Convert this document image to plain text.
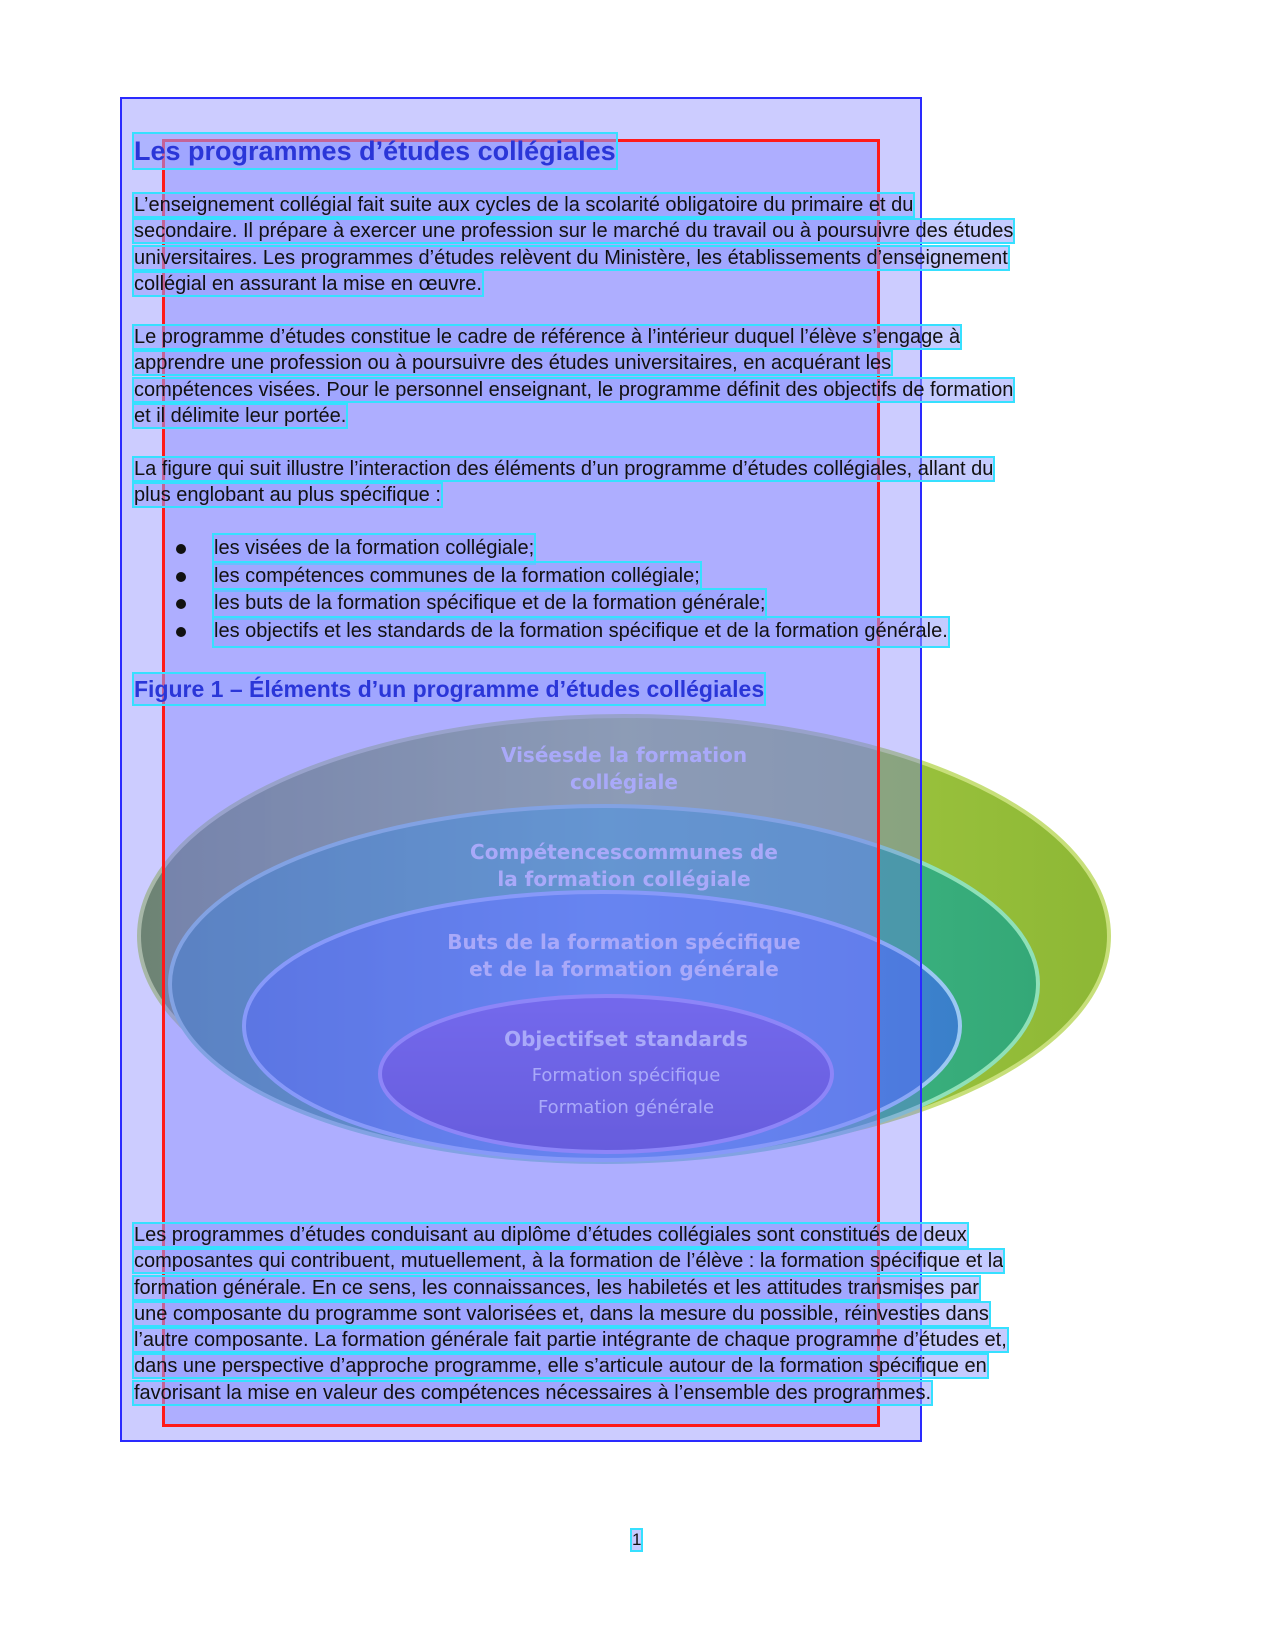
Les programmes d’études collégiales
L’enseignement collégial fait suite aux cycles de la scolarité obligatoire du primaire et du
secondaire. Il prépare à exercer une profession sur le marché du travail ou à poursuivre des études
universitaires. Les programmes d’études relèvent du Ministère, les établissements d’enseignement
collégial en assurant la mise en œuvre.
Le programme d’études constitue le cadre de référence à l’intérieur duquel l’élève s’engage à
apprendre une profession ou à poursuivre des études universitaires, en acquérant les
compétences visées. Pour le personnel enseignant, le programme définit des objectifs de formation
et il délimite leur portée.
La figure qui suit illustre l’interaction des éléments d’un programme d’études collégiales, allant du
plus englobant au plus spécifique :
les visées de la formation collégiale;
les compétences communes de la formation collégiale;
les buts de la formation spécifique et de la formation générale;
les objectifs et les standards de la formation spécifique et de la formation générale.
Figure 1 – Éléments d’un programme d’études collégiales
Les programmes d’études conduisant au diplôme d’études collégiales sont constitués de deux
composantes qui contribuent, mutuellement, à la formation de l’élève : la formation spécifique et la
formation générale. En ce sens, les connaissances, les habiletés et les attitudes transmises par
une composante du programme sont valorisées et, dans la mesure du possible, réinvesties dans
l’autre composante. La formation générale fait partie intégrante de chaque programme d’études et,
dans une perspective d’approche programme, elle s’articule autour de la formation spécifique en
favorisant la mise en valeur des compétences nécessaires à l’ensemble des programmes.
Viséesde la formation
collégiale
Compétencescommunes de
la formation collégiale
Buts de la formation spécifique
et de la formation générale
Objectifset standards
Formation spécifique
Formation générale
1
